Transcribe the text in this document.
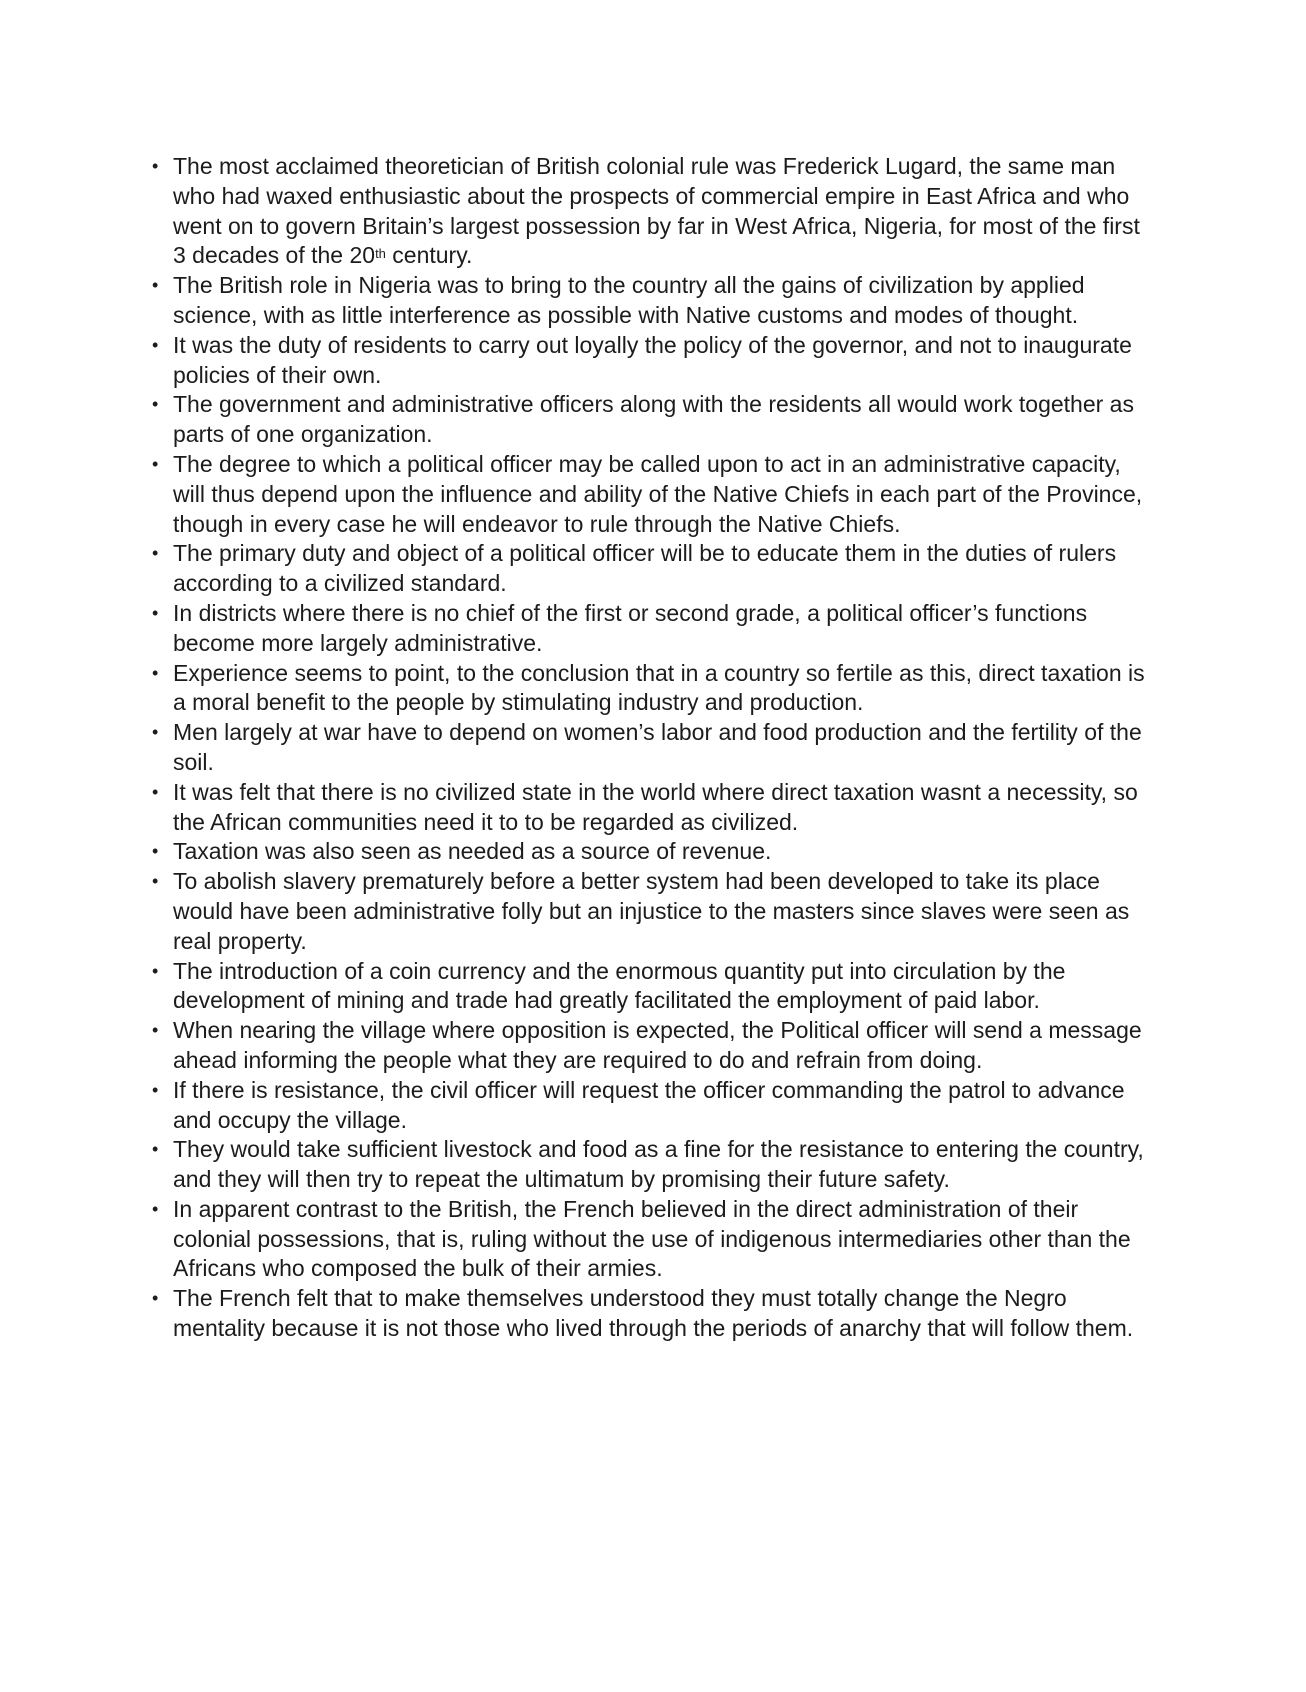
• The most acclaimed theoretician of British colonial rule was Frederick Lugard, the same man who had waxed enthusiastic about the prospects of commercial empire in East Africa and who went on to govern Britain’s largest possession by far in West Africa, Nigeria, for most of the first 3 decades of the 20th century.
• The British role in Nigeria was to bring to the country all the gains of civilization by applied science, with as little interference as possible with Native customs and modes of thought.
• It was the duty of residents to carry out loyally the policy of the governor, and not to inaugurate policies of their own.
• The government and administrative officers along with the residents all would work together as parts of one organization.
• The degree to which a political officer may be called upon to act in an administrative capacity, will thus depend upon the influence and ability of the Native Chiefs in each part of the Province, though in every case he will endeavor to rule through the Native Chiefs.
• The primary duty and object of a political officer will be to educate them in the duties of rulers according to a civilized standard.
• In districts where there is no chief of the first or second grade, a political officer’s functions become more largely administrative.
• Experience seems to point, to the conclusion that in a country so fertile as this, direct taxation is a moral benefit to the people by stimulating industry and production.
• Men largely at war have to depend on women’s labor and food production and the fertility of the soil.
• It was felt that there is no civilized state in the world where direct taxation wasnt a necessity, so the African communities need it to to be regarded as civilized.
• Taxation was also seen as needed as a source of revenue.
• To abolish slavery prematurely before a better system had been developed to take its place would have been administrative folly but an injustice to the masters since slaves were seen as real property.
• The introduction of a coin currency and the enormous quantity put into circulation by the development of mining and trade had greatly facilitated the employment of paid labor.
• When nearing the village where opposition is expected, the Political officer will send a message ahead informing the people what they are required to do and refrain from doing.
• If there is resistance, the civil officer will request the officer commanding the patrol to advance and occupy the village.
• They would take sufficient livestock and food as a fine for the resistance to entering the country, and they will then try to repeat the ultimatum by promising their future safety.
• In apparent contrast to the British, the French believed in the direct administration of their colonial possessions, that is, ruling without the use of indigenous intermediaries other than the Africans who composed the bulk of their armies.
• The French felt that to make themselves understood they must totally change the Negro mentality because it is not those who lived through the periods of anarchy that will follow them.
